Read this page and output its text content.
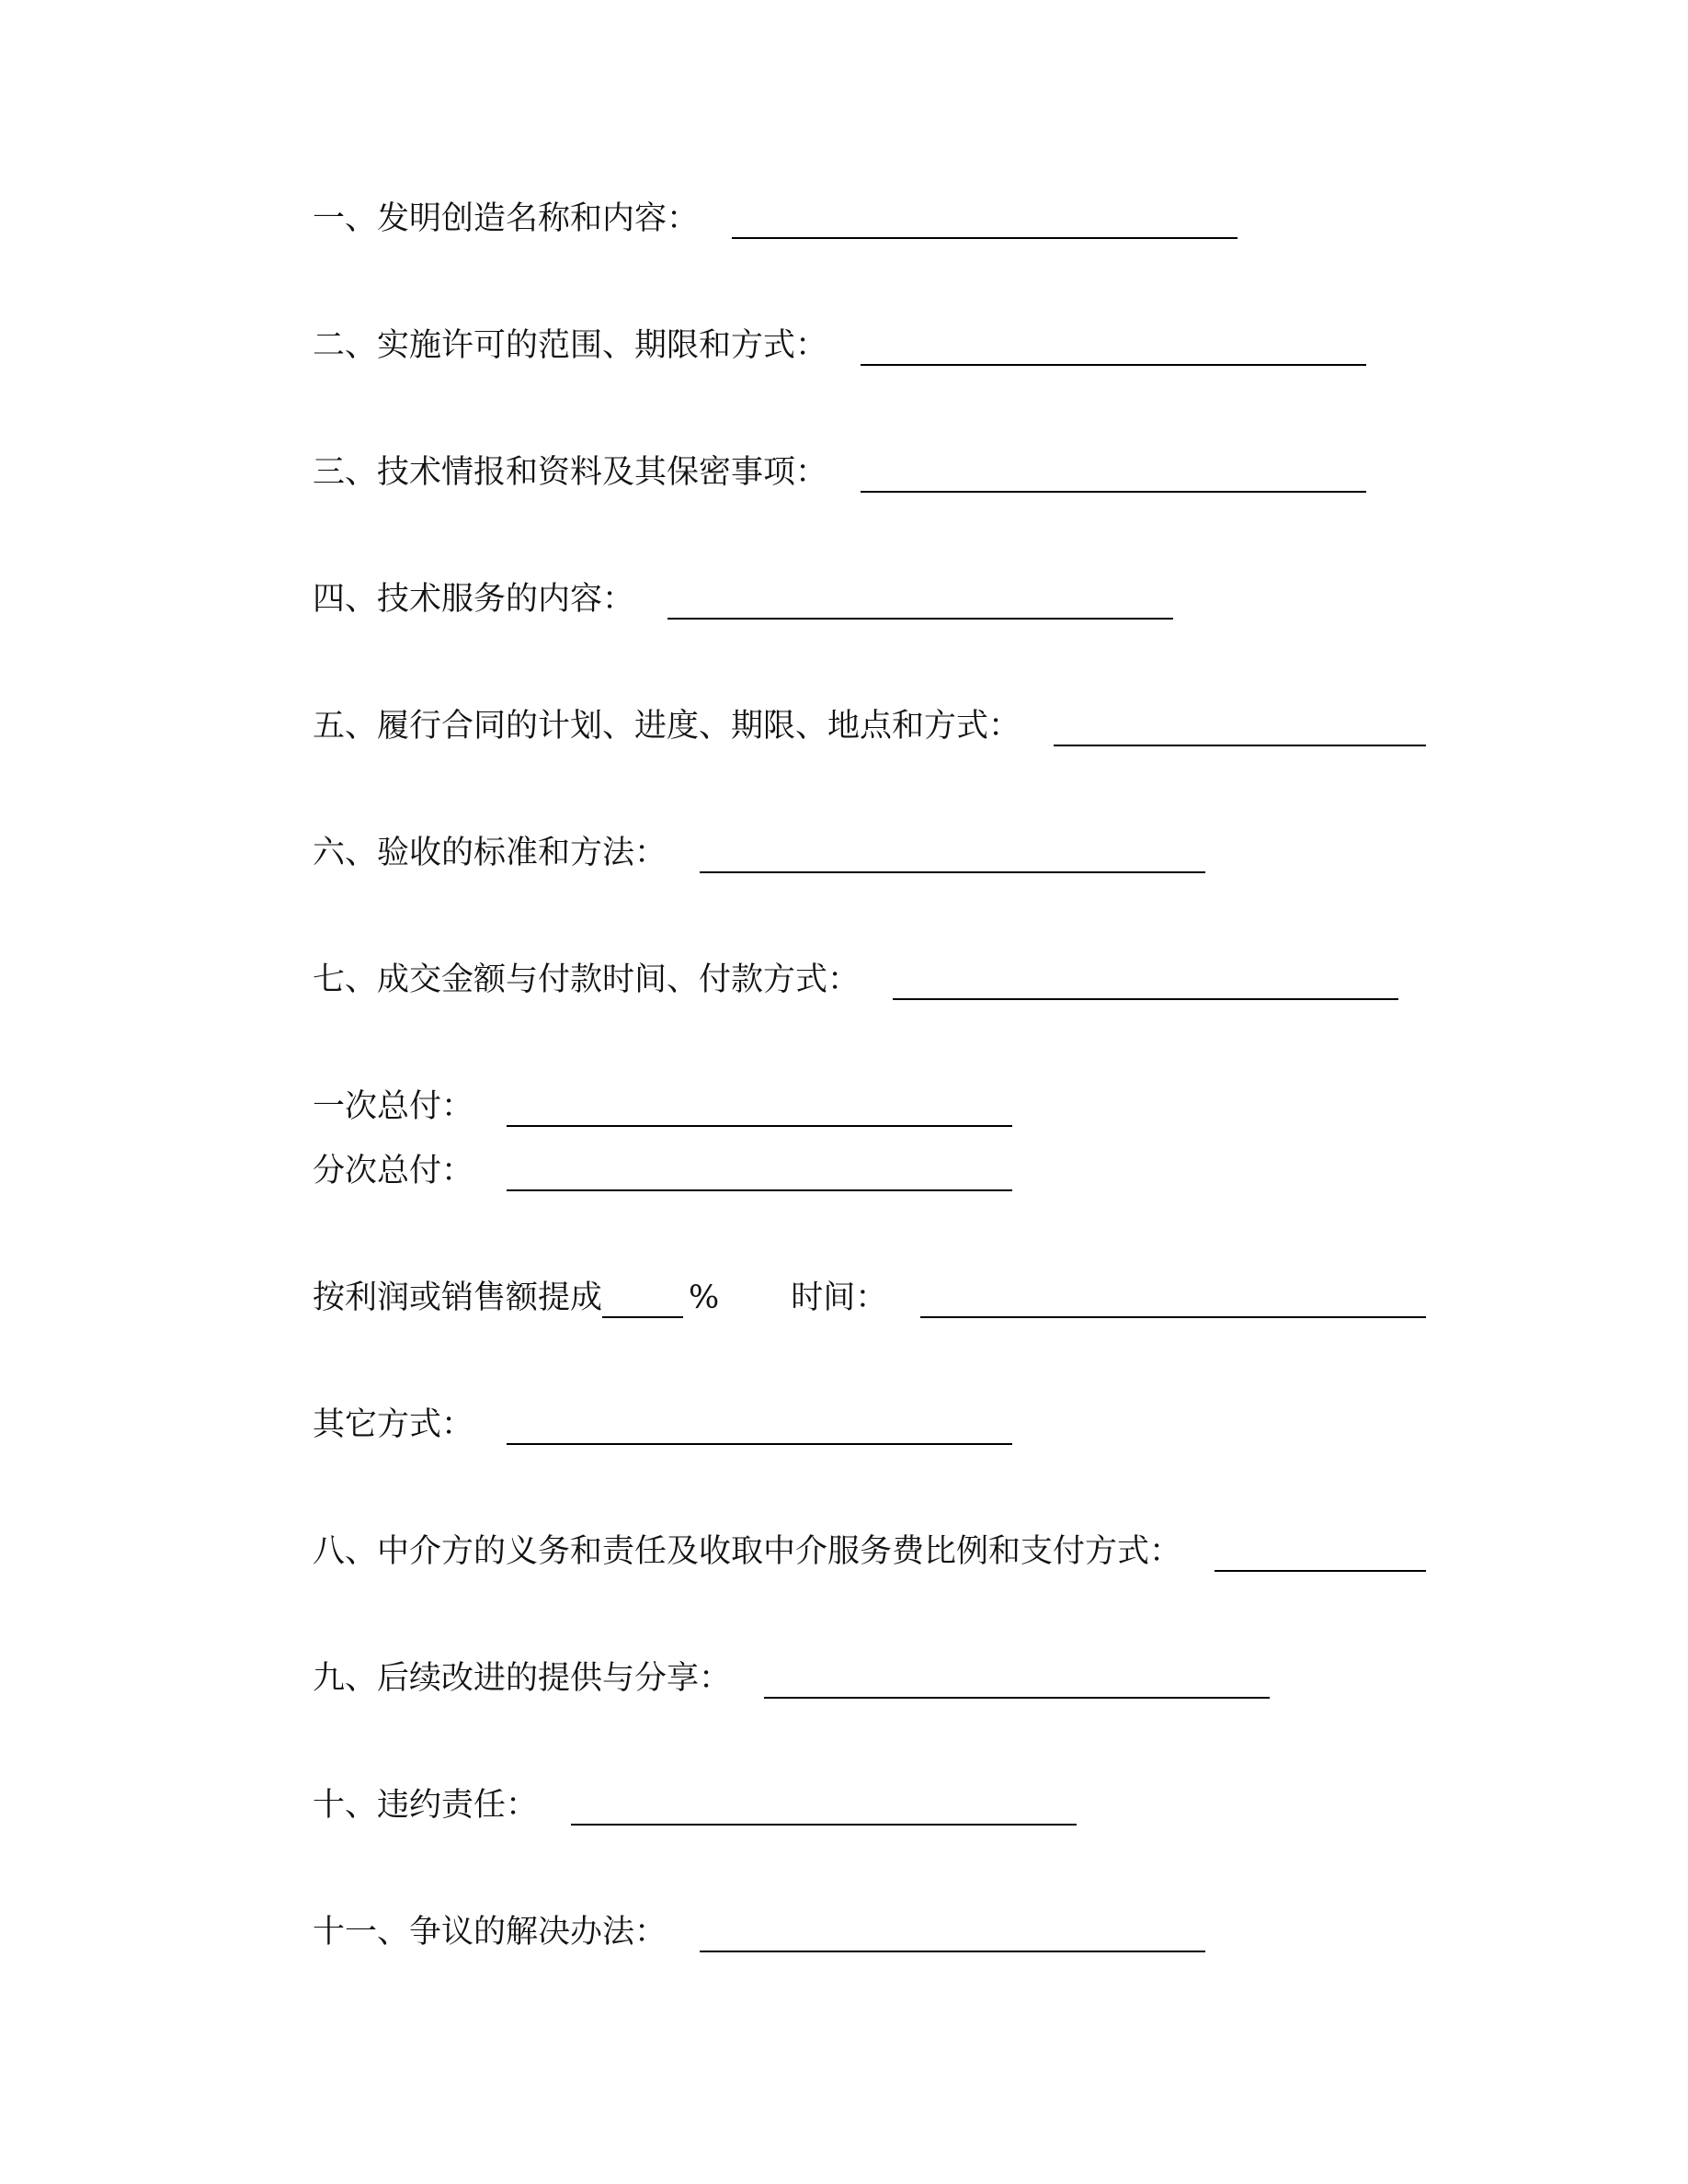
一、发明创造名称和内容：
二、实施许可的范围、期限和方式：
三、技术情报和资料及其保密事项：
四、技术服务的内容：
五、履行合同的计划、进度、期限、地点和方式：
六、验收的标准和方法：
七、成交金额与付款时间、付款方式：
一次总付：
分次总付：
按利润或销售额提成	% 时间：
其它方式：
八、中介方的义务和责任及收取中介服务费比例和支付方式：
九、后续改进的提供与分享：
十、违约责任：
十一、争议的解决办法：
